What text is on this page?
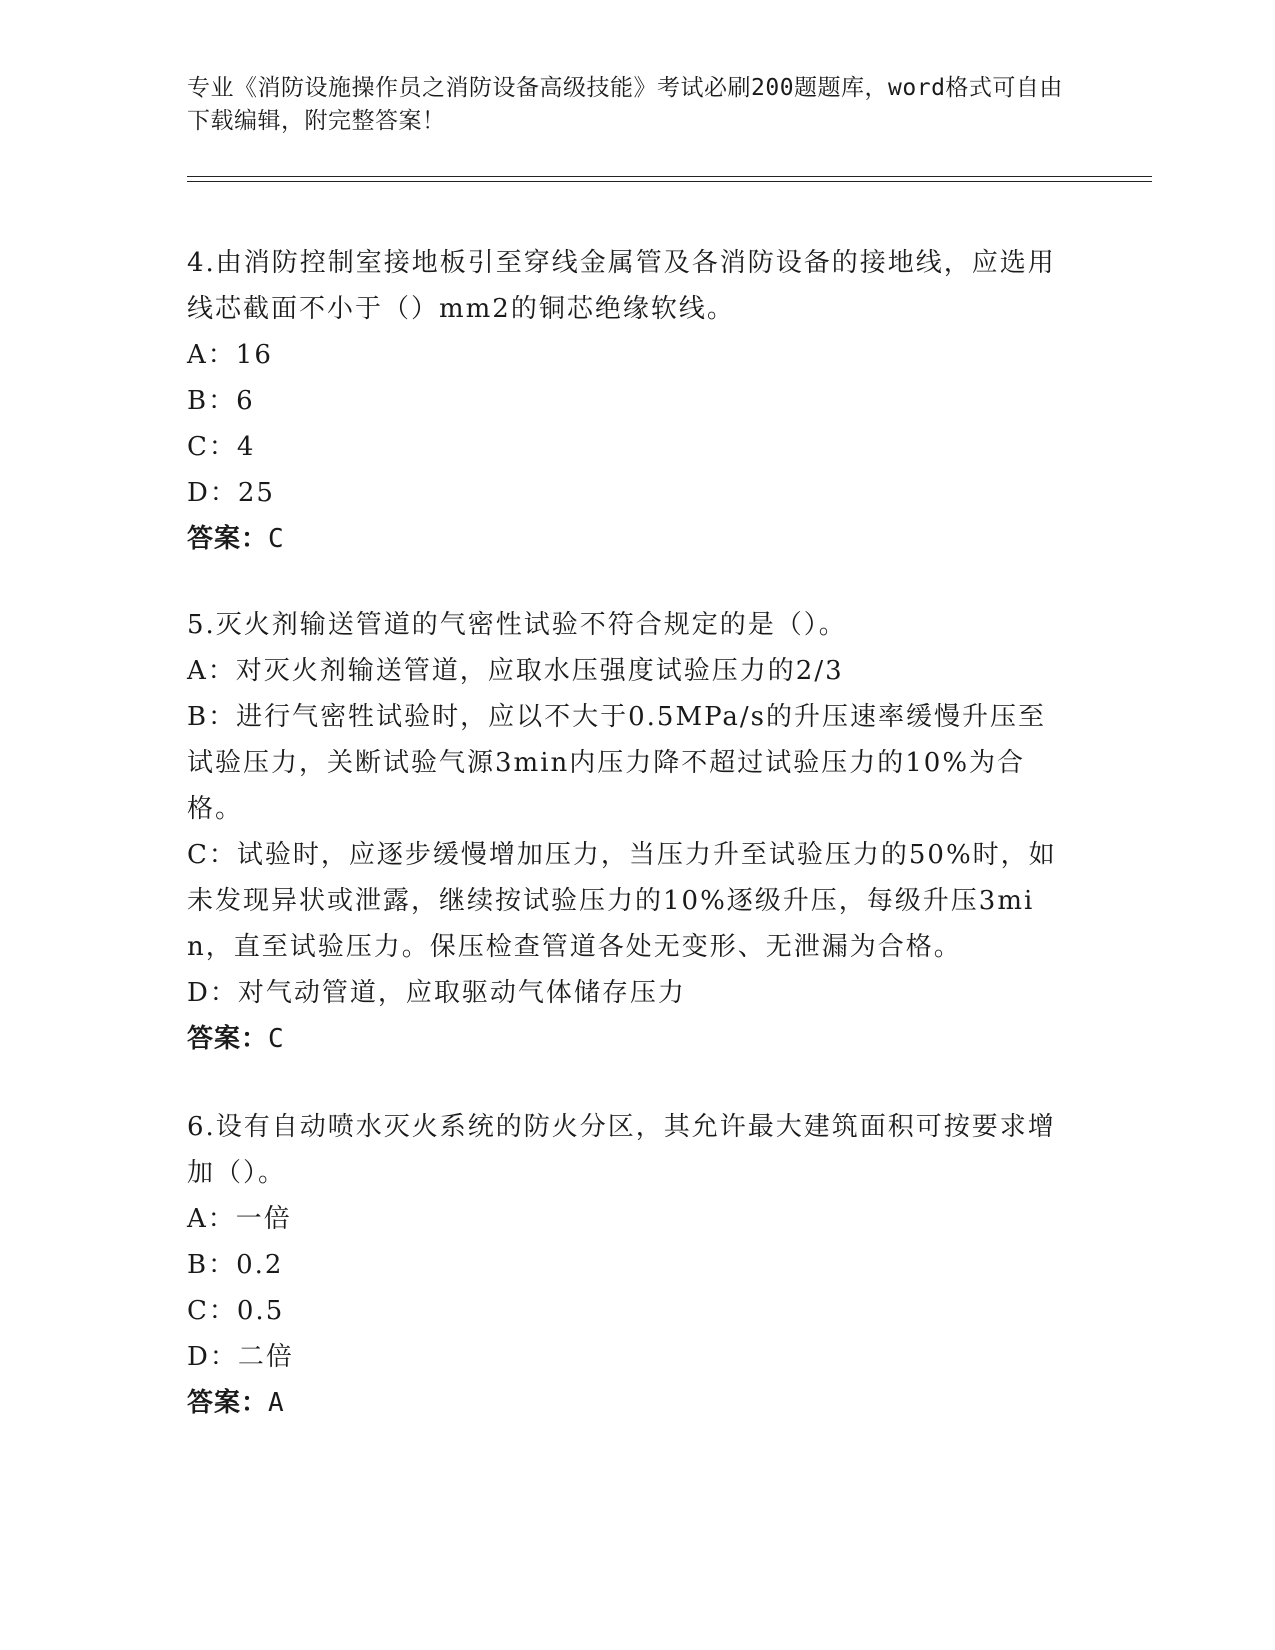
专业《消防设施操作员之消防设备高级技能》考试必刷200题题库，word格式可自由下载编辑，附完整答案！

4.由消防控制室接地板引至穿线金属管及各消防设备的接地线，应选用线芯截面不小于（）mm2的铜芯绝缘软线。

A：16

B：6

C：4

D：25

答案：C

5.灭火剂输送管道的气密性试验不符合规定的是（）。

A：对灭火剂输送管道，应取水压强度试验压力的2/3

B：进行气密牲试验时，应以不大于0.5MPa/s的升压速率缓慢升压至试验压力，关断试验气源3min内压力降不超过试验压力的10%为合格。

C：试验时，应逐步缓慢增加压力，当压力升至试验压力的50%时，如未发现异状或泄露，继续按试验压力的10%逐级升压，每级升压3min，直至试验压力。保压检查管道各处无变形、无泄漏为合格。

D：对气动管道，应取驱动气体储存压力

答案：C

6.设有自动喷水灭火系统的防火分区，其允许最大建筑面积可按要求增加（）。

A：一倍

B：0.2

C：0.5

D：二倍

答案：A
